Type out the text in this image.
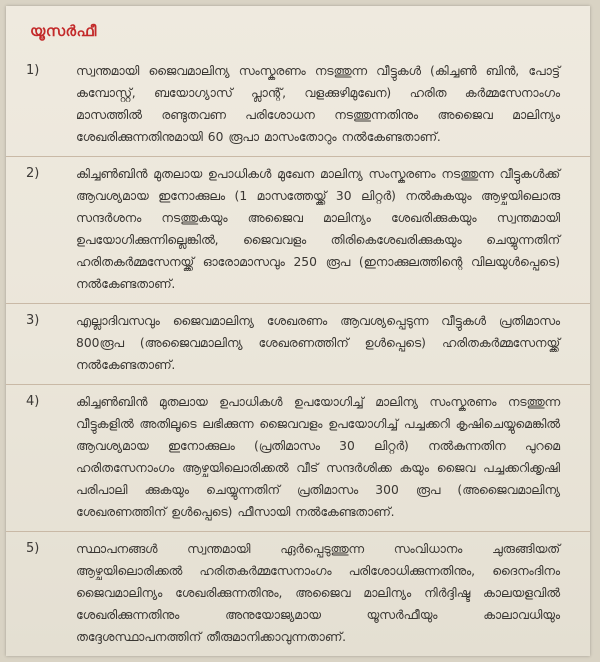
യൂസർഫീ
1)	സ്വന്തമായി ജൈവമാലിന്യ സംസ്കരണം നടത്തുന്ന വീട്ടുകൾ (കിച്ചൺ ബിൻ, പോട്ട് കമ്പോസ്റ്റ്, ബയോഗ്യാസ് പ്ലാന്റ്, വളക്കുഴിമുഖേന) ഹരിത കർമ്മസേനാംഗം മാസത്തിൽ രണ്ടുതവണ പരിശോധന നടത്തുന്നതിനും അജൈവ മാലിന്യം ശേഖരിക്കുന്നതിനുമായി 60 രൂപാ മാസംതോറും നൽകേണ്ടതാണ്.
2)	കിച്ചൺബിൻ മുതലായ ഉപാധികൾ മുഖേന മാലിന്യ സംസ്കരണം നടത്തുന്ന വീട്ടുകൾക്ക് ആവശ്യമായ ഇനോക്കുലം (1 മാസത്തേയ്ക്ക് 30 ലിറ്റർ) നൽകുകയും ആഴ്ചയിലൊരു സന്ദർശനം നടത്തുകയും അജൈവ മാലിന്യം ശേഖരിക്കുകയും സ്വന്തമായി ഉപയോഗിക്കുന്നില്ലെങ്കിൽ, ജൈവവളം തിരികെശേഖരിക്കുകയും ചെയ്യുന്നതിന് ഹരിതകർമ്മസേനയ്ക്ക് ഓരോമാസവും 250 രൂപ (ഇനാക്കുലത്തിന്റെ വിലയുൾപ്പെടെ) നൽകേണ്ടതാണ്.
3)	എല്ലാദിവസവും ജൈവമാലിന്യ ശേഖരണം ആവശ്യപ്പെടുന്ന വീട്ടുകൾ പ്രതിമാസം 800രൂപ (അജൈവമാലിന്യ ശേഖരണത്തിന് ഉൾപ്പെടെ) ഹരിതകർമ്മസേനയ്ക്ക് നൽകേണ്ടതാണ്.
4)	കിച്ചൺബിൻ മുതലായ ഉപാധികൾ ഉപയോഗിച്ച് മാലിന്യ സംസ്കരണം നടത്തുന്ന വീട്ടുകളിൽ അതിലൂടെ ലഭിക്കുന്ന ജൈവവളം ഉപയോഗിച്ച് പച്ചക്കറി കൃഷിചെയ്യുമെങ്കിൽ ആവശ്യമായ ഇനോക്കുലം (പ്രതിമാസം 30 ലിറ്റർ) നൽകുന്നതിന പുറമെ ഹരിതസേനാംഗം ആഴ്ചയിലൊരിക്കൽ വീട് സന്ദർശിക്ക കയും ജൈവ പച്ചക്കറിക്കൃഷി പരിപാലി ക്കുകയും ചെയ്യുന്നതിന് പ്രതിമാസം 300 രൂപ (അജൈവമാലിന്യ ശേഖരണത്തിന് ഉൾപ്പെടെ) ഫീസായി നൽകേണ്ടതാണ്.
5)	സ്ഥാപനങ്ങൾ സ്വന്തമായി ഏർപ്പെടുത്തുന്ന സംവിധാനം ചുരുങ്ങിയത് ആഴ്ചയിലൊരിക്കൽ ഹരിതകർമ്മസേനാംഗം പരിശോധിക്കുന്നതിനും, ദൈനംദിനം ജൈവമാലിന്യം ശേഖരിക്കുന്നതിനും, അജൈവ മാലിന്യം നിർദ്ദിഷ്ട കാലയളവിൽ ശേഖരിക്കുന്നതിനും അനുയോജ്യമായ യൂസർഫീയും കാലാവധിയും തദ്ദേശസ്ഥാപനത്തിന് തീരുമാനിക്കാവുന്നതാണ്.
